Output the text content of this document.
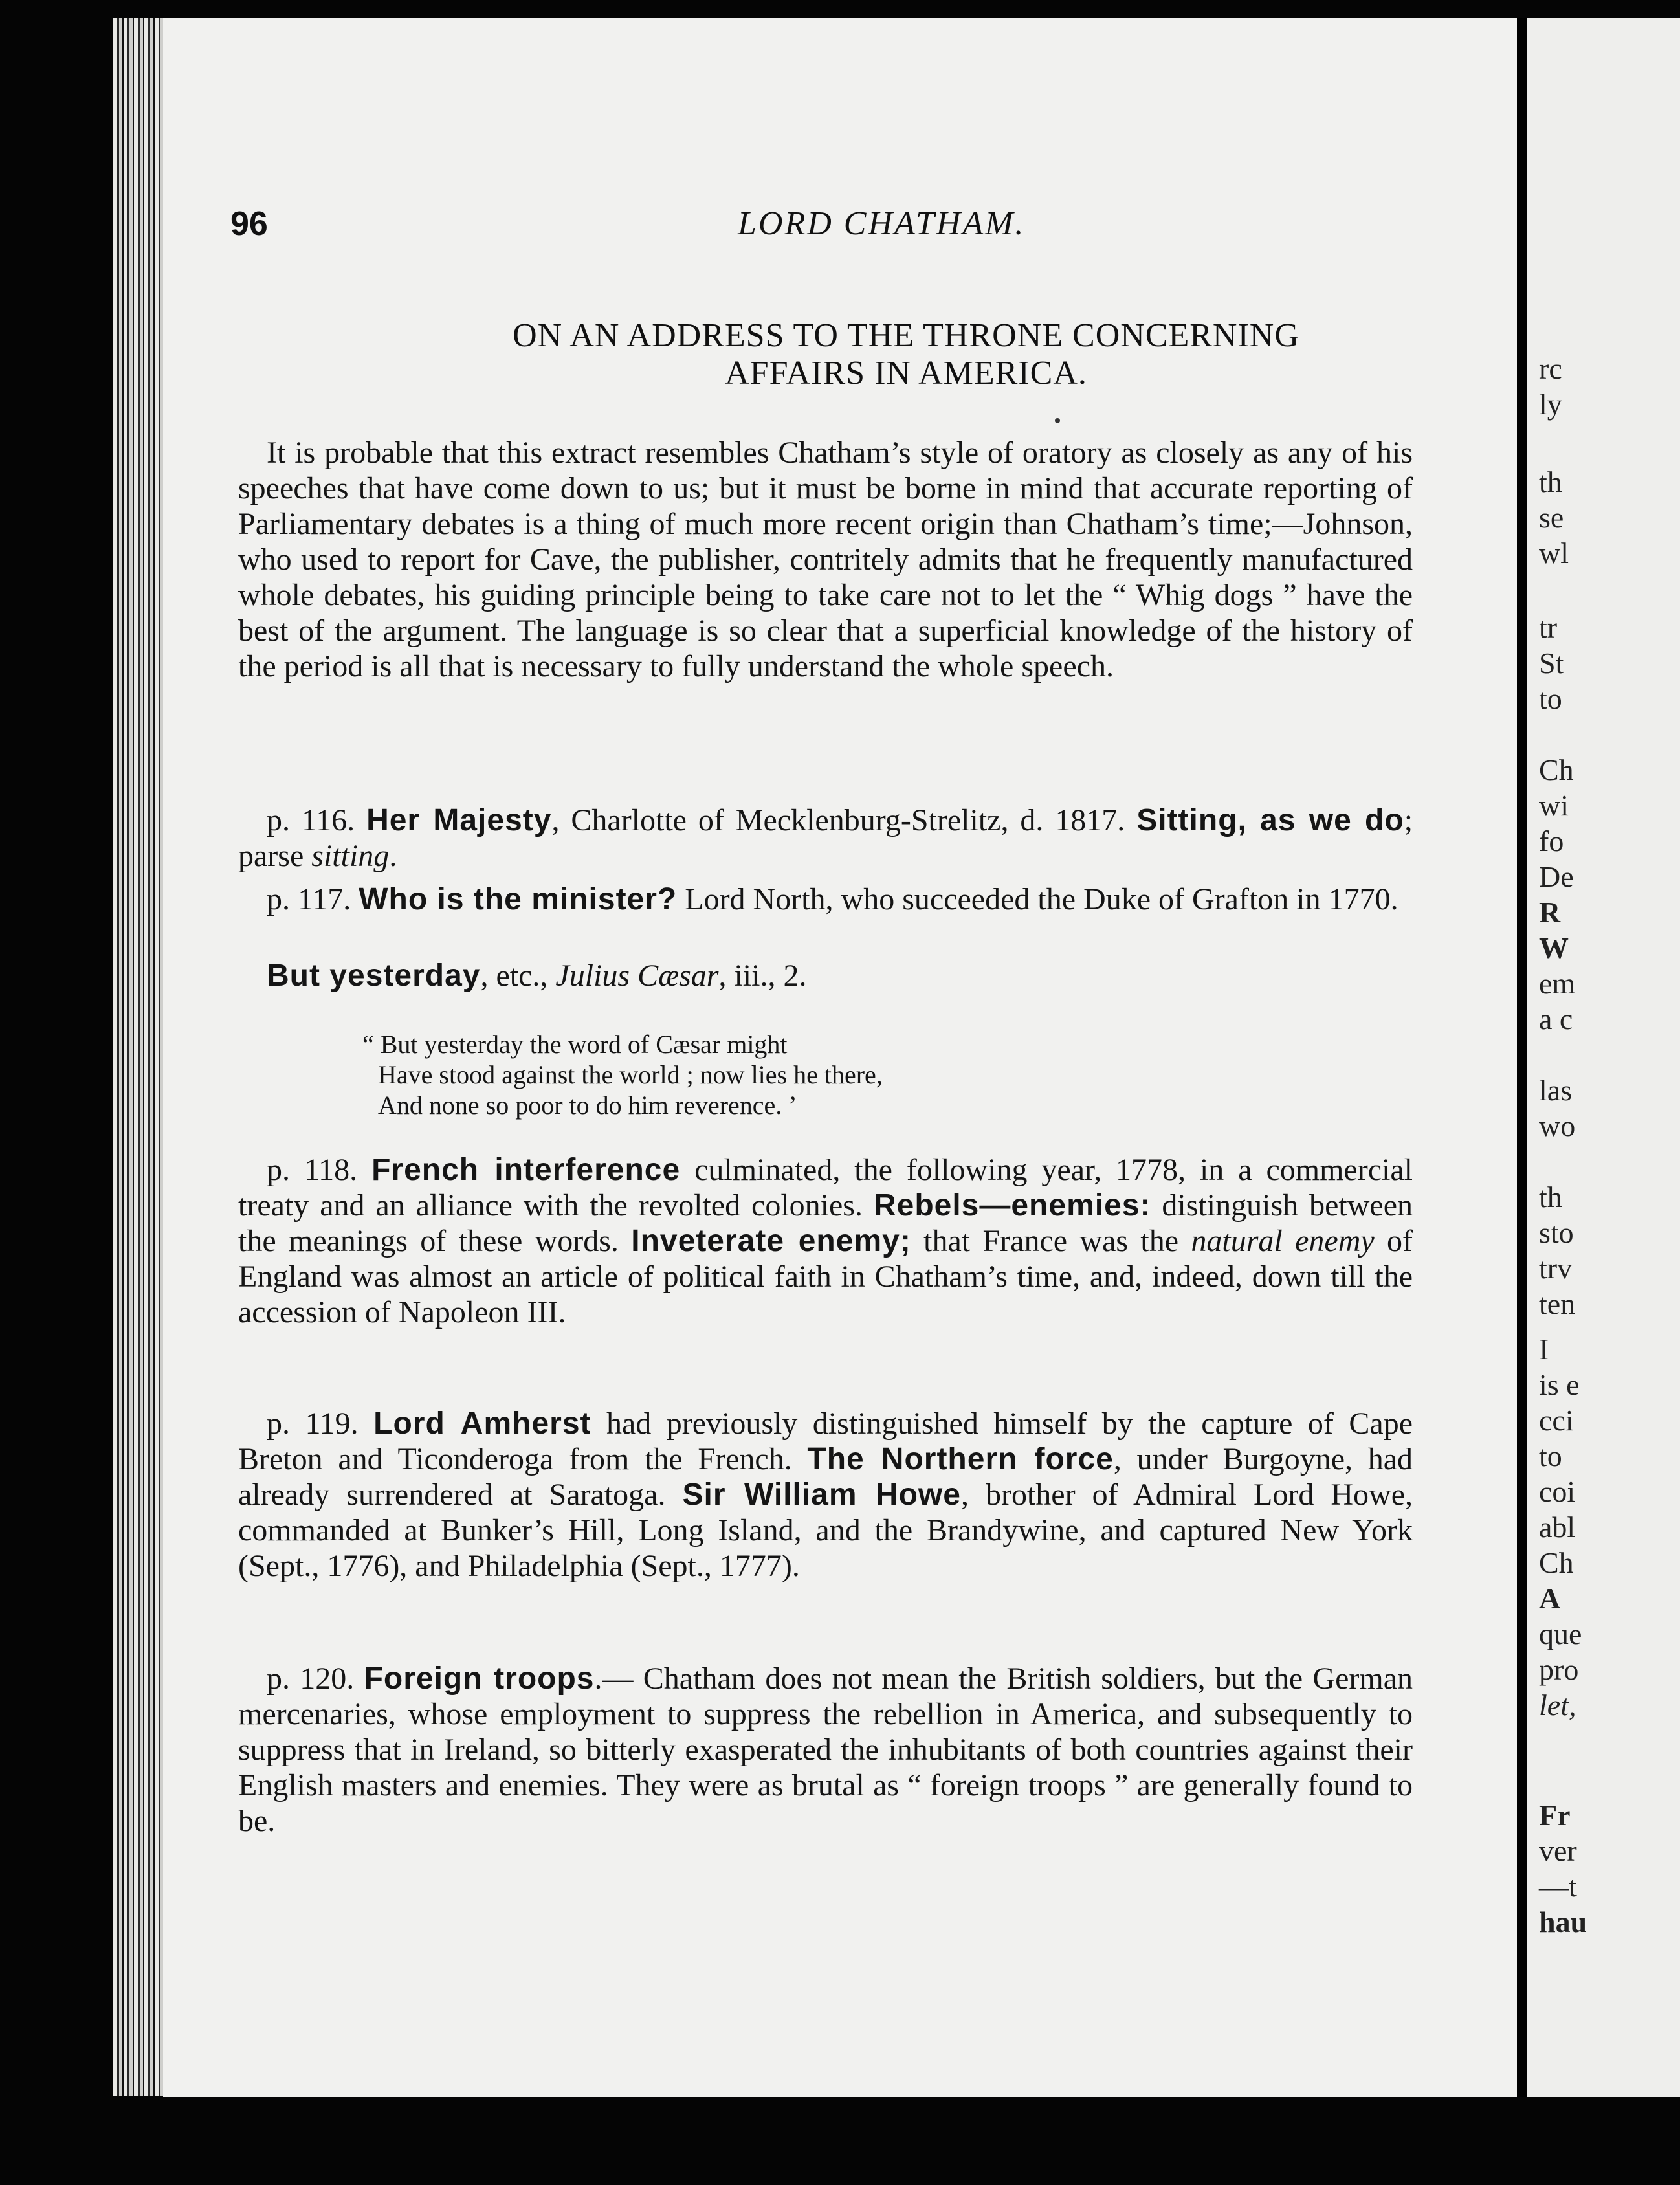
96	LORD CHATHAM.
ON AN ADDRESS TO THE THRONE CONCERNING
AFFAIRS IN AMERICA.

It is probable that this extract resembles Chatham’s style of oratory as closely as any of his speeches that have come down to us; but it must be borne in mind that accurate reporting of Parliamentary debates is a thing of much more recent origin than Chatham’s time;—Johnson, who used to report for Cave, the publisher, contritely admits that he frequently manufactured whole debates, his guiding principle being to take care not to let the “ Whig dogs ” have the best of the argument. The language is so clear that a superficial knowledge of the history of the period is all that is necessary to fully understand the whole speech.

p. 116. Her Majesty, Charlotte of Mecklenburg-Strelitz, d. 1817. Sitting, as we do; parse sitting.

p. 117. Who is the minister? Lord North, who succeeded the Duke of Grafton in 1770.

But yesterday, etc., Julius Cæsar, iii., 2.

“ But yesterday the word of Cæsar might
Have stood against the world ; now lies he there,
And none so poor to do him reverence. ’

p. 118. French interference culminated, the following year, 1778, in a commercial treaty and an alliance with the revolted colonies. Rebels—enemies: distinguish between the meanings of these words. Inveterate enemy; that France was the natural enemy of England was almost an article of political faith in Chatham’s time, and, indeed, down till the accession of Napoleon III.

p. 119. Lord Amherst had previously distinguished himself by the capture of Cape Breton and Ticonderoga from the French. The Northern force, under Burgoyne, had already surrendered at Saratoga. Sir William Howe, brother of Admiral Lord Howe, commanded at Bunker’s Hill, Long Island, and the Brandywine, and captured New York (Sept., 1776), and Philadelphia (Sept., 1777).

p. 120. Foreign troops.— Chatham does not mean the British soldiers, but the German mercenaries, whose employment to suppress the rebellion in America, and subsequently to suppress that in Ireland, so bitterly exasperated the inhubitants of both countries against their English masters and enemies. They were as brutal as “ foreign troops ” are generally found to be.

rc
ly
th
se
wl
tr
St
to
Ch
wi
fo
De
R
W
em
a c
las
wo
th
sto
trv
ten
I
is e
cci
to
coi
abl
Ch
A
que
pro
let,
Fr
ver
—t
hau
